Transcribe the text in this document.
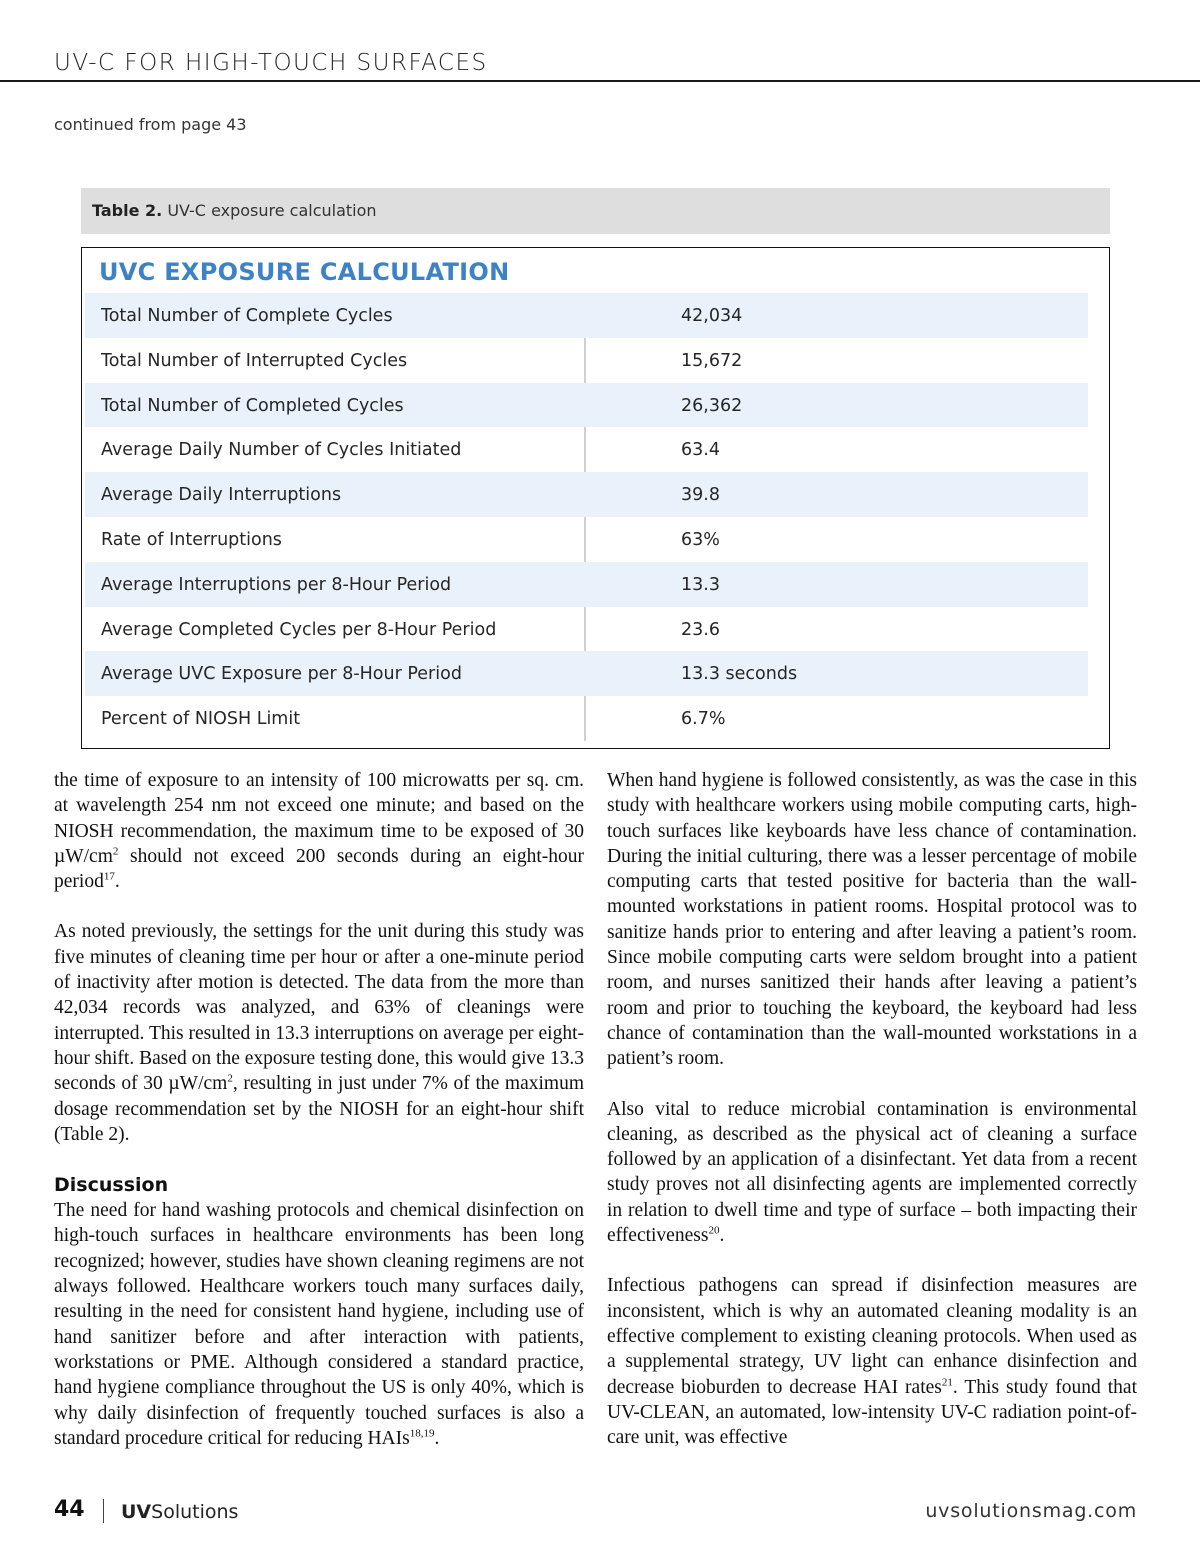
UV-C FOR HIGH-TOUCH SURFACES
continued from page 43
Table 2. UV-C exposure calculation
UVC EXPOSURE CALCULATION
Total Number of Complete Cycles	42,034
Total Number of Interrupted Cycles	15,672
Total Number of Completed Cycles	26,362
Average Daily Number of Cycles Initiated	63.4
Average Daily Interruptions	39.8
Rate of Interruptions	63%
Average Interruptions per 8-Hour Period	13.3
Average Completed Cycles per 8-Hour Period	23.6
Average UVC Exposure per 8-Hour Period	13.3 seconds
Percent of NIOSH Limit	6.7%

the time of exposure to an intensity of 100 microwatts per sq. cm. at wavelength 254 nm not exceed one minute; and based on the NIOSH recommendation, the maximum time to be exposed of 30 $\mu W/cm^2$ should not exceed 200 seconds during an eight-hour period$^{17}$.

As noted previously, the settings for the unit during this study was five minutes of cleaning time per hour or after a one-minute period of inactivity after motion is detected. The data from the more than 42,034 records was analyzed, and 63% of cleanings were interrupted. This resulted in 13.3 interruptions on average per eight-hour shift. Based on the exposure testing done, this would give 13.3 seconds of 30 $\mu W/cm^2$, resulting in just under 7% of the maximum dosage recommendation set by the NIOSH for an eight-hour shift (Table 2).

Discussion

The need for hand washing protocols and chemical disinfection on high-touch surfaces in healthcare environments has been long recognized; however, studies have shown cleaning regimens are not always followed. Healthcare workers touch many surfaces daily, resulting in the need for consistent hand hygiene, including use of hand sanitizer before and after interaction with patients, workstations or PME. Although considered a standard practice, hand hygiene compliance throughout the US is only 40%, which is why daily disinfection of frequently touched surfaces is also a standard procedure critical for reducing HAIs$^{18,19}$.

When hand hygiene is followed consistently, as was the case in this study with healthcare workers using mobile computing carts, high-touch surfaces like keyboards have less chance of contamination. During the initial culturing, there was a lesser percentage of mobile computing carts that tested positive for bacteria than the wall-mounted workstations in patient rooms. Hospital protocol was to sanitize hands prior to entering and after leaving a patient’s room. Since mobile computing carts were seldom brought into a patient room, and nurses sanitized their hands after leaving a patient’s room and prior to touching the keyboard, the keyboard had less chance of contamination than the wall-mounted workstations in a patient’s room.

Also vital to reduce microbial contamination is environmental cleaning, as described as the physical act of cleaning a surface followed by an application of a disinfectant. Yet data from a recent study proves not all disinfecting agents are implemented correctly in relation to dwell time and type of surface – both impacting their effectiveness$^{20}$.

Infectious pathogens can spread if disinfection measures are inconsistent, which is why an automated cleaning modality is an effective complement to existing cleaning protocols. When used as a supplemental strategy, UV light can enhance disinfection and decrease bioburden to decrease HAI rates$^{21}$. This study found that UV-CLEAN, an automated, low-intensity UV-C radiation point-of-care unit, was effective

44 UVSolutions	uvsolutionsmag.com
